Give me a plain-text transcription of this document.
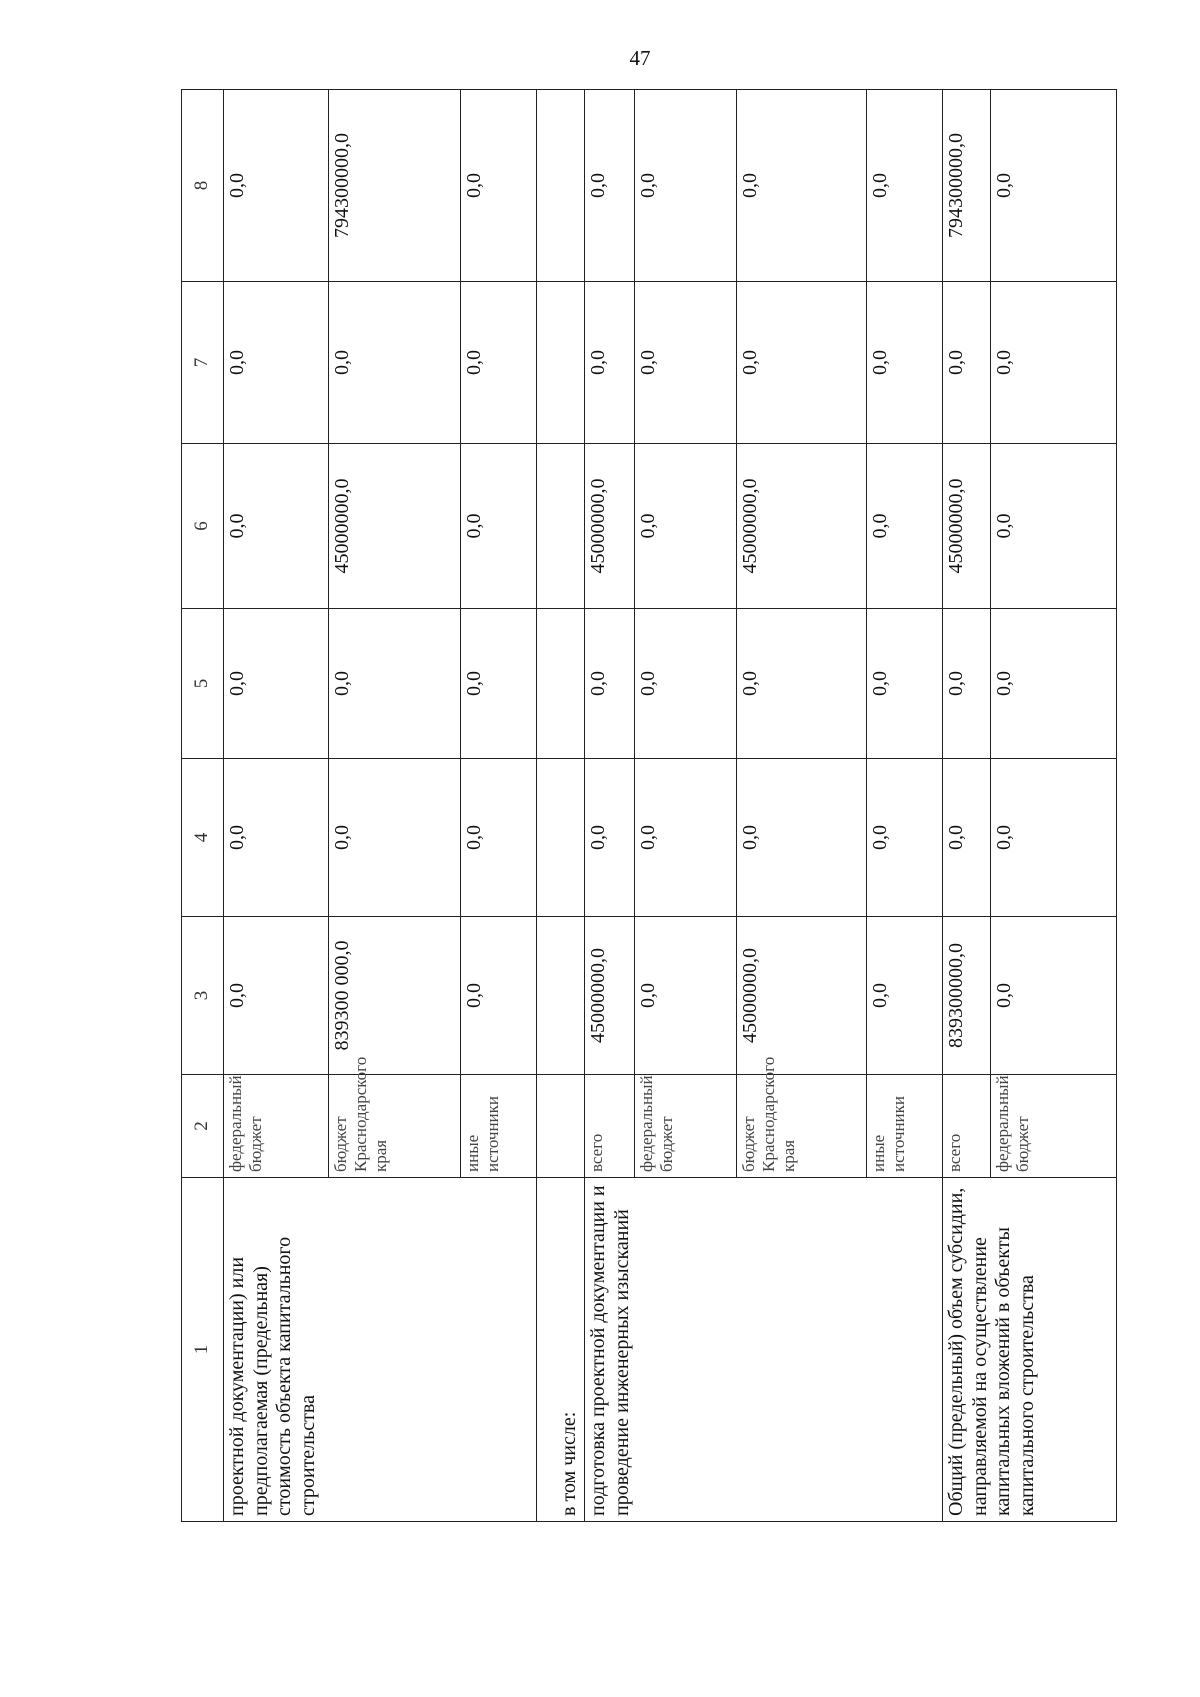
47
1	2	3	4	5	6	7	8
проектной документации) или предполагаемая (предельная) стоимость объекта капитального строительства	федеральный бюджет	0,0	0,0	0,0	0,0	0,0	0,0
	бюджет Краснодарского края	839300 000,0	0,0	0,0	45000000,0	0,0	794300000,0
	иные источники	0,0	0,0	0,0	0,0	0,0	0,0
в том числе:							
подготовка проектной документации и проведение инженерных изысканий	всего	45000000,0	0,0	0,0	45000000,0	0,0	0,0
	федеральный бюджет	0,0	0,0	0,0	0,0	0,0	0,0
	бюджет Краснодарского края	45000000,0	0,0	0,0	45000000,0	0,0	0,0
	иные источники	0,0	0,0	0,0	0,0	0,0	0,0
Общий (предельный) объем субсидии, направляемой на осуществление капитальных вложений в объекты капитального строительства	всего	839300000,0	0,0	0,0	45000000,0	0,0	794300000,0
	федеральный бюджет	0,0	0,0	0,0	0,0	0,0	0,0
